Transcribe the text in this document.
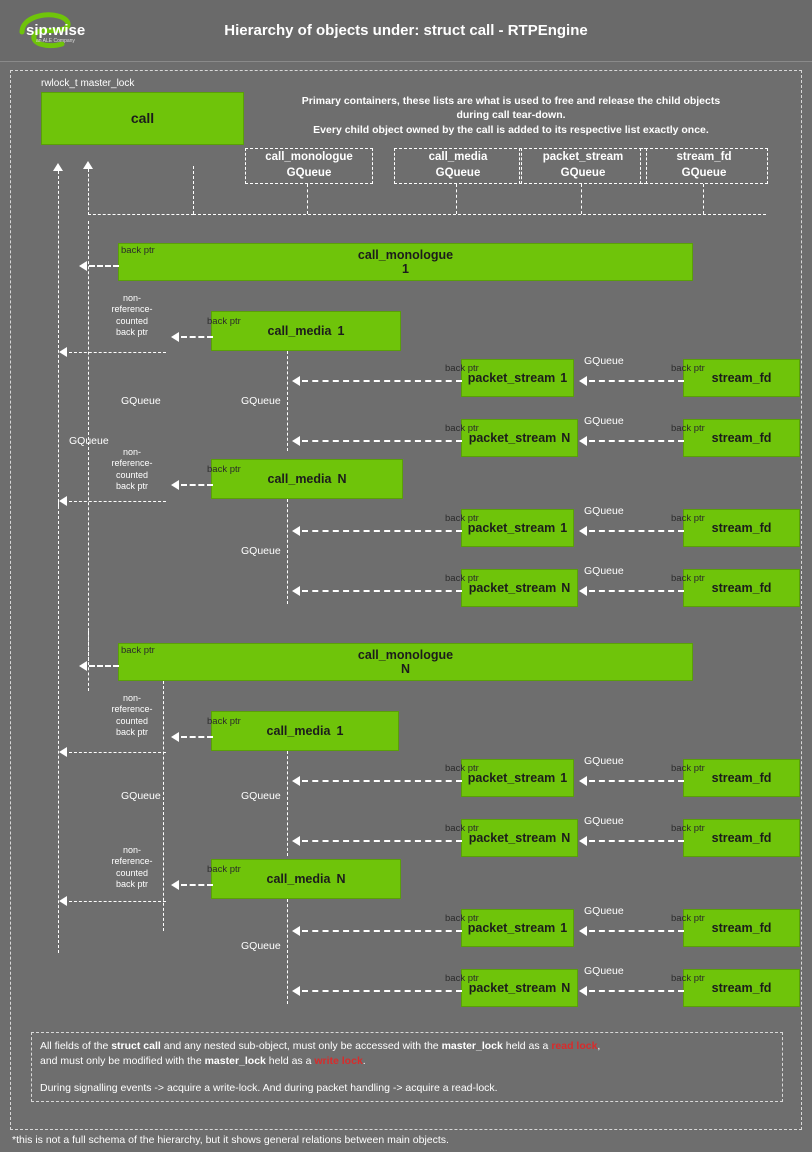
sip:wise
an ALE Company
Hierarchy of objects under: struct call - RTPEngine
rwlock_t master_lock
call
Primary containers, these lists are what is used to free and release the child objects
during call tear-down.
Every child object owned by the call is added to its respective list exactly once.
call_monologue
GQueue
call_media
GQueue
packet_stream
GQueue
stream_fd
GQueue
call_monologue
1
back ptr
call_media 1
back ptr
non-
reference-
counted
back ptr
GQueue
GQueue
GQueue
GQueue
packet_stream 1
back ptr
stream_fd
back ptr
GQueue
packet_stream N
back ptr
stream_fd
back ptr
GQueue
call_media N
back ptr
non-
reference-
counted
back ptr
packet_stream 1
back ptr
stream_fd
back ptr
GQueue
packet_stream N
back ptr
stream_fd
back ptr
GQueue
call_monologue
N
back ptr
call_media 1
back ptr
non-
reference-
counted
back ptr
GQueue	GQueue
GQueue
packet_stream 1
back ptr
stream_fd
back ptr
GQueue
packet_stream N
back ptr
stream_fd
back ptr
GQueue
call_media N
back ptr
non-
reference-
counted
back ptr
packet_stream 1
back ptr
stream_fd
back ptr
GQueue
packet_stream N
back ptr
stream_fd
back ptr
GQueue
All fields of the struct call and any nested sub-object, must only be accessed with the master_lock held as a read lock,
and must only be modified with the master_lock held as a write lock.
During signalling events -> acquire a write-lock. And during packet handling -> acquire a read-lock.
*this is not a full schema of the hierarchy, but it shows general relations between main objects.
